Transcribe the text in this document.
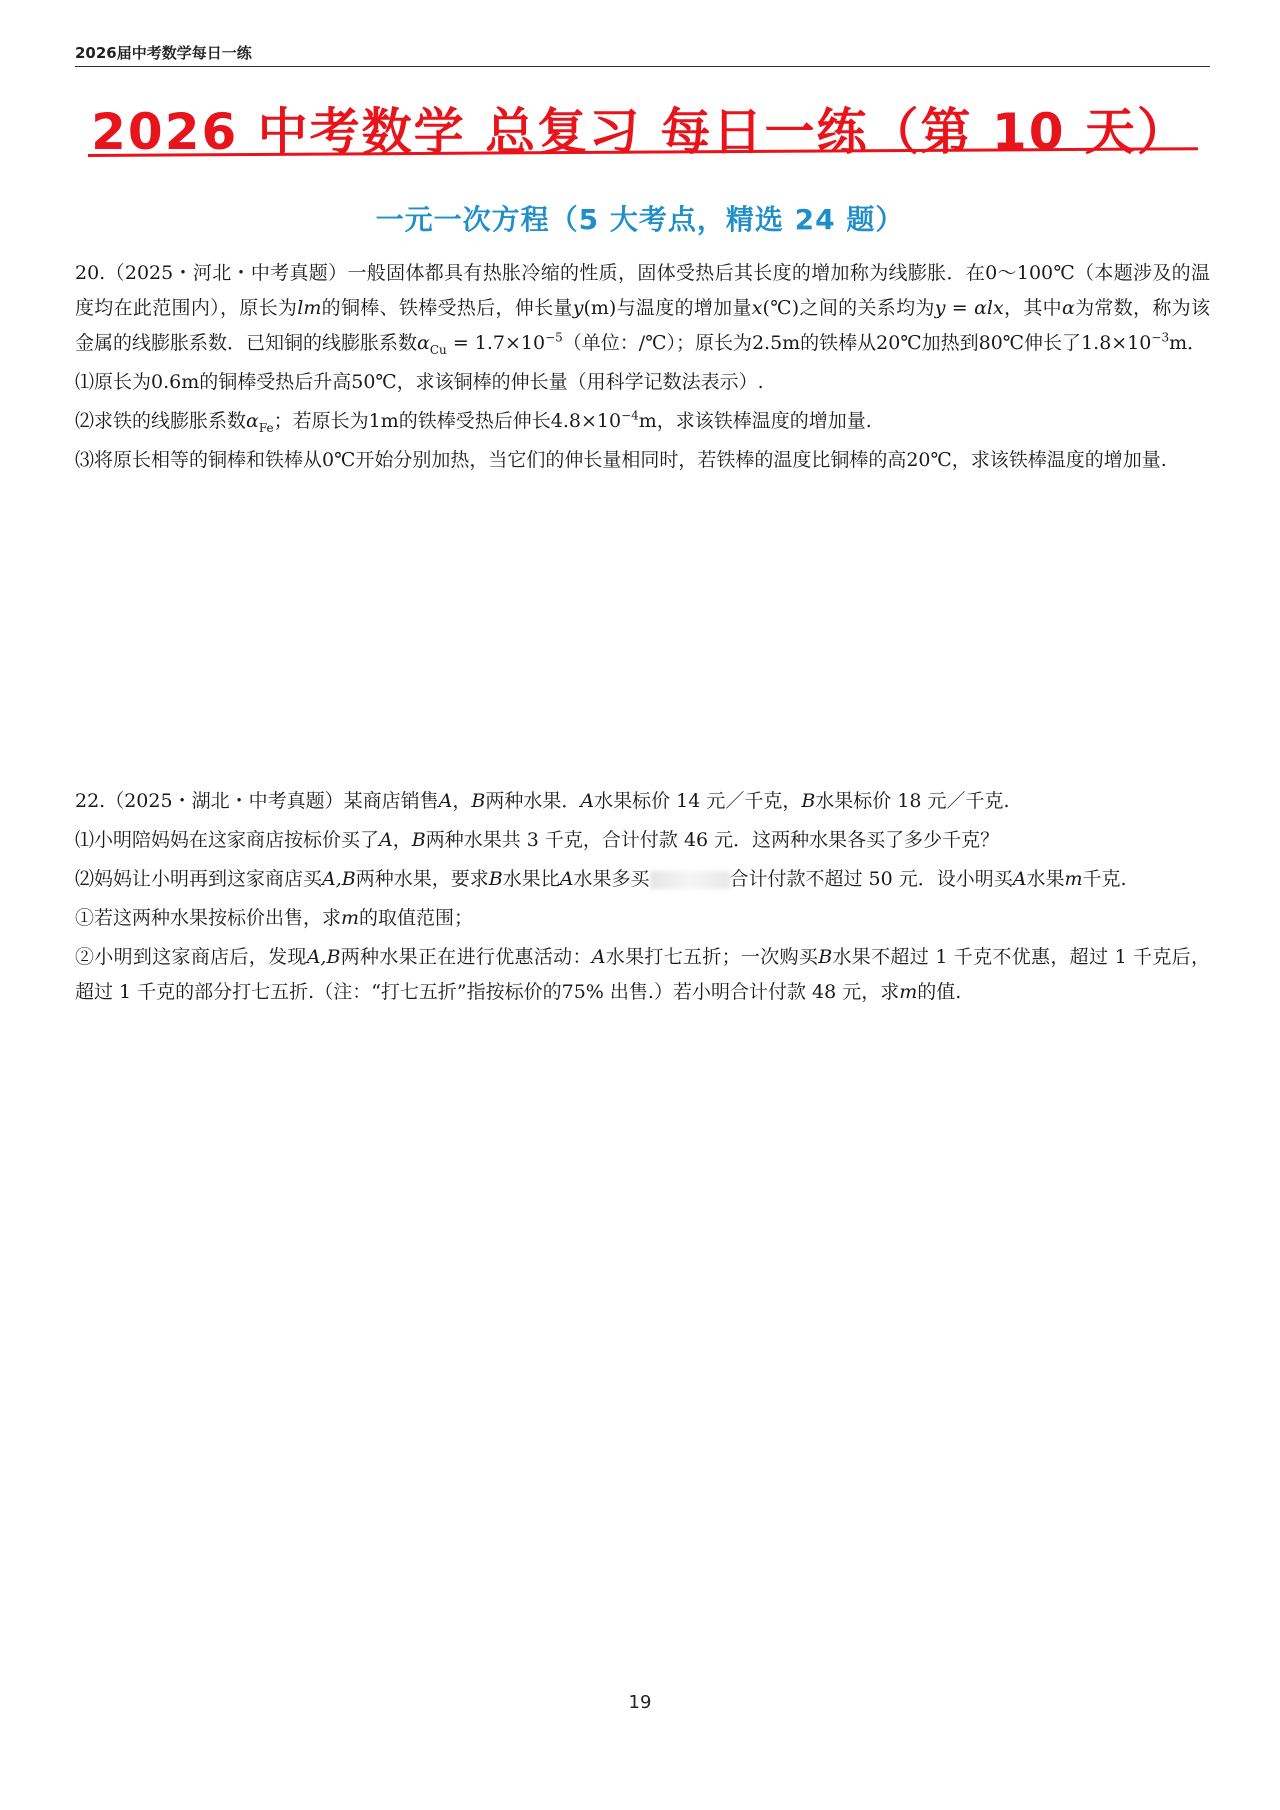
2026届中考数学每日一练
2026 中考数学 总复习 每日一练（第 10 天）
一元一次方程（5 大考点，精选 24 题）

20.（2025・河北・中考真题）一般固体都具有热胀冷缩的性质，固体受热后其长度的增加称为线膨胀．在0～100℃（本题涉及的温度均在此范围内），原长为lm的铜棒、铁棒受热后，伸长量y(m)与温度的增加量x(℃)之间的关系均为y = αlx，其中α为常数，称为该金属的线膨胀系数．已知铜的线膨胀系数$\alpha_{Cu} = 1.7\times 10^{-5}$（单位：/℃）；原长为2.5m的铁棒从20℃加热到80℃伸长了$1.8\times 10^{-3}m$．

⑴原长为0.6m的铜棒受热后升高50℃，求该铜棒的伸长量（用科学记数法表示）.

⑵求铁的线膨胀系数$\alpha_{Fe}$；若原长为1m的铁棒受热后伸长$4.8\times 10^{-4}m$，求该铁棒温度的增加量.

⑶将原长相等的铜棒和铁棒从0℃开始分别加热，当它们的伸长量相同时，若铁棒的温度比铜棒的高20℃，求该铁棒温度的增加量.

22.（2025・湖北・中考真题）某商店销售A，B两种水果．A水果标价 14 元／千克，B水果标价 18 元／千克.

⑴小明陪妈妈在这家商店按标价买了A，B两种水果共 3 千克，合计付款 46 元．这两种水果各买了多少千克？

⑵妈妈让小明再到这家商店买A,B两种水果，要求B水果比A水果多买	合计付款不超过 50 元．设小明买A水果m千克.

①若这两种水果按标价出售，求m的取值范围；

②小明到这家商店后，发现A,B两种水果正在进行优惠活动：A水果打七五折；一次购买B水果不超过 1 千克不优惠，超过 1 千克后，超过 1 千克的部分打七五折.（注：“打七五折”指按标价的75% 出售.）若小明合计付款 48 元，求m的值.

19
